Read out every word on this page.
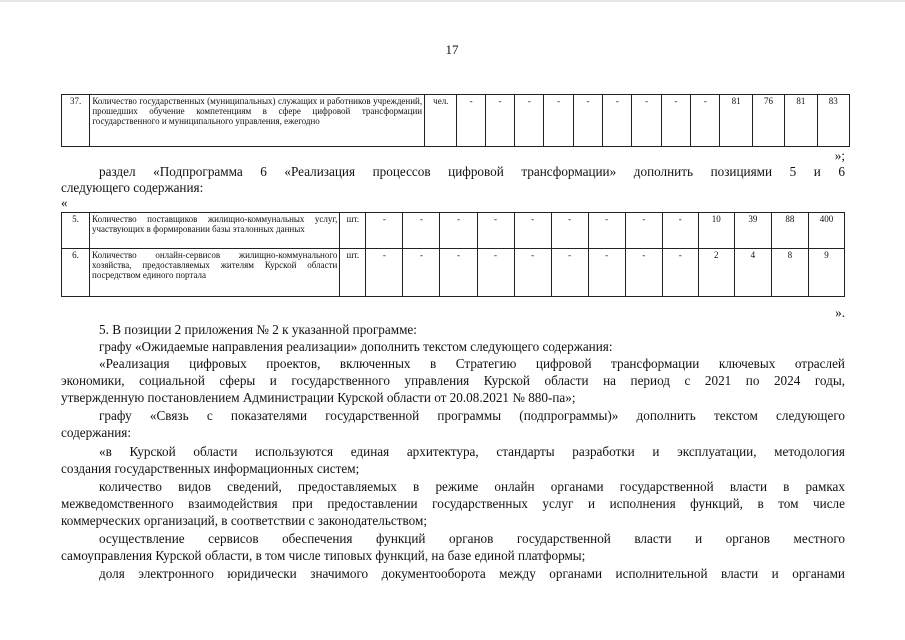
17
37.	Количество государственных (муниципальных) служащих и работников учреждений, прошедших обучение компетенциям в сфере цифровой трансформации государственного и муниципального управления, ежегодно	чел.	-	-	-	-	-	-	-	-	-	81	76	81	83
»;
раздел «Подпрограмма 6 «Реализация процессов цифровой трансформации» дополнить позициями 5 и 6
следующего содержания:
«
5.	Количество поставщиков жилищно-коммунальных услуг, участвующих в формировании базы эталонных данных	шт.	-	-	-	-	-	-	-	-	-	10	39	88	400
6.	Количество онлайн-сервисов жилищно-коммунального хозяйства, предоставляемых жителям Курской области посредством единого портала	шт.	-	-	-	-	-	-	-	-	-	2	4	8	9
».
5. В позиции 2 приложения № 2 к указанной программе:
графу «Ожидаемые направления реализации» дополнить текстом следующего содержания:
«Реализация цифровых проектов, включенных в Стратегию цифровой трансформации ключевых отраслей
экономики, социальной сферы и государственного управления Курской области на период с 2021 по 2024 годы,
утвержденную постановлением Администрации Курской области от 20.08.2021 № 880-па»;
графу «Связь с показателями государственной программы (подпрограммы)» дополнить текстом следующего
содержания:
«в Курской области используются единая архитектура, стандарты разработки и эксплуатации, методология
создания государственных информационных систем;
количество видов сведений, предоставляемых в режиме онлайн органами государственной власти в рамках
межведомственного взаимодействия при предоставлении государственных услуг и исполнения функций, в том числе
коммерческих организаций, в соответствии с законодательством;
осуществление сервисов обеспечения функций органов государственной власти и органов местного
самоуправления Курской области, в том числе типовых функций, на базе единой платформы;
доля электронного юридически значимого документооборота между органами исполнительной власти и органами
